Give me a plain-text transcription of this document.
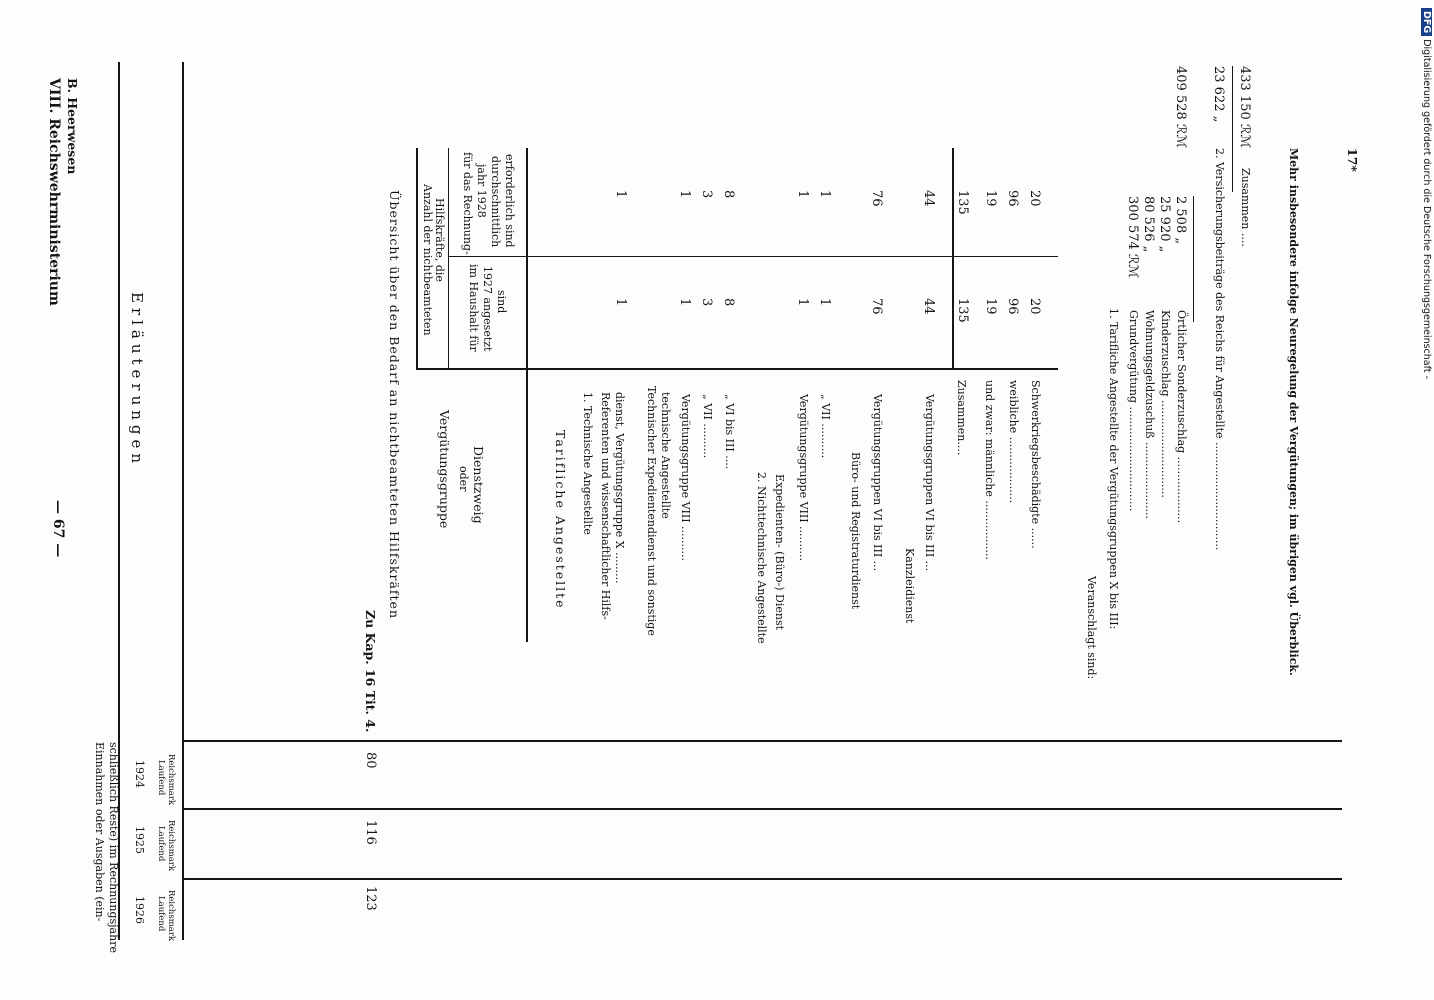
— 67 —
VIII. Reichswehrministerium B. Heerwesen	17*
DFG Digitalisierung gefördert durch die Deutsche Forschungsgemeinschaft -
Einnahmen oder Ausgaben (ein- schließlich Reste) im Rechnungsjahre 1924
1925
1926
Laufend Reichsmark
Laufend Reichsmark
Laufend Reichsmark
80
116
123
Erläuterungen
Zu Kap. 16 Tit. 4.
Übersicht über den Bedarf an nichtbeamteten Hilfskräften	Vergütungsgruppe oder Dienstzweig
Anzahl der nichtbeamteten Hilfskräfte, die
im Haushalt für 1927 angesetzt sind
für das Rechnung- jahr 1928 durchschnittlich erforderlich sind
Tarifliche Angestellte 1. Technische Angestellte Referenten und wissenschaftlicher Hilfs- dienst, Vergütungsgruppe X .........
1
1
Technischer Expedientendienst und sonstige technische Angestellte Vergütungsgruppe VIII ..........
1
1
„ VII ..........
3
3
„ VI bis III ....
8
8
2. Nichttechnische Angestellte Expedienten- (Büro-) Dienst Vergütungsgruppe VIII ..........
1
1
„ VII ..........
1
1
Büro- und Registraturdienst Vergütungsgruppen VI bis III ...
76
76
Kanzleidienst
Vergütungsgruppen VI bis III ...
44
44
Zusammen....
135
135
und zwar: männliche .................
19
19
weibliche ...................
96
96
Schwerkriegsbeschädigte ......
20
20
Veranschlagt sind: 1. Tarifliche Angestellte der Vergütungsgruppen X bis III: Grundvergütung ..............................
300 574 ℛℳ
Wohnungsgeldzuschuß ......................
80 526 „
Kinderzuschlag ............................
25 920 „
Örtlicher Sonderzuschlag ...................
2 508 „
409 528 ℛℳ
2. Versicherungsbeiträge des Reichs für Angestellte ...............................
23 622 „
Zusammen ....
433 150 ℛℳ
Mehr insbesondere infolge Neuregelung der Vergütungen; im übrigen vgl. Überblick.
